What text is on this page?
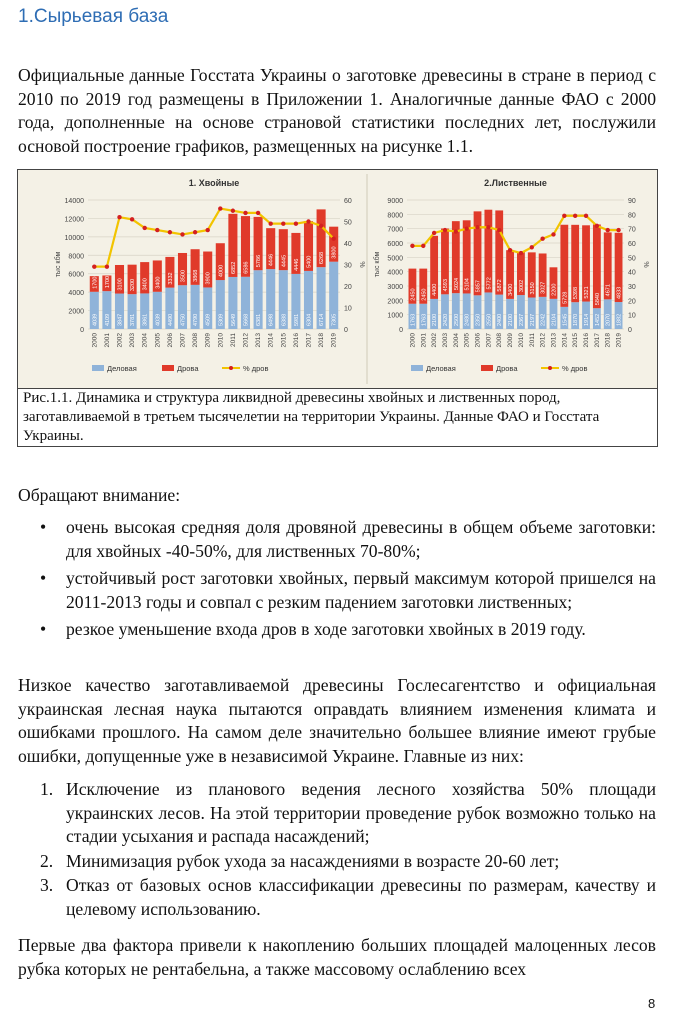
1.Сырьевая база
Официальные данные Госстата Украины о заготовке древесины в стране в период с 2010 по 2019 год размещены в Приложении 1. Аналогичные данные ФАО с 2000 года, дополненные на основе страновой статистики последних лет, послужили основой построение графиков, размещенных на рисунке 1.1.
1. Хвойные
0
2000
4000
6000
8000
10000
12000
14000
0
10
20
30
40
50
60
тыс кбм	%
4039
1700
2000
4109
1700
2001
3847
3100
2002
3781
3200
2003
3861
3400
2004
4039
3400
2005
4490
3332
2006
4750
3500
2007
4790
3868
2008
4509
3900
2009
5309
4000
2010
5649
6852
2011
5668
6586
2012
6381
5786
2013
6498
4446
2014
6388
4445
2015
5981
4446
2016
6304
5400
2017
6714
6268
2018
7305
3800
2019
Деловая	Дрова	% дров
2.Лиственные
0
1000
2000
3000
4000
5000
6000
7000
8000
9000
0
10
20
30
40
50
60
70
80
90
тыс кбм	%
1763
2450
2000
1763
2450
2001
2100
4400
2002
2420
4593
2003
2500
5024
2004
2480
5104
2005
2350
5857
2006
2550
5772
2007
2400
5872
2008
2100
3400
2009
2367
3002
2010
2197
3150
2011
2242
3027
2012
2104
2200
2013
1545
5728
2014
1870
5398
2015
1914
5321
2016
1452
5840
2017
2070
4671
2018
1882
4833
2019
Деловая	Дрова	% дров
Рис.1.1. Динамика и структура ликвидной древесины хвойных и лиственных пород, заготавливаемой в третьем тысячелетии на территории Украины. Данные ФАО и Госстата Украины.
Обращают внимание:
• очень высокая средняя доля дровяной древесины в общем объеме заготовки: для хвойных -40-50%, для лиственных 70-80%;
• устойчивый рост заготовки хвойных, первый максимум которой пришелся на 2011-2013 годы и совпал с резким падением заготовки лиственных;
• резкое уменьшение входа дров в ходе заготовки хвойных в 2019 году.
Низкое качество заготавливаемой древесины Гослесагентство и официальная украинская лесная наука пытаются оправдать влиянием изменения климата и ошибками прошлого. На самом деле значительно большее влияние имеют грубые ошибки, допущенные уже в независимой Украине. Главные из них:
1. Исключение из планового ведения лесного хозяйства 50% площади украинских лесов. На этой территории проведение рубок возможно только на стадии усыхания и распада насаждений;
2. Минимизация рубок ухода за насаждениями в возрасте 20-60 лет;
3. Отказ от базовых основ классификации древесины по размерам, качеству и целевому использованию.
Первые два фактора привели к накоплению больших площадей малоценных лесов рубка которых не рентабельна, а также массовому ослаблению всех
8
